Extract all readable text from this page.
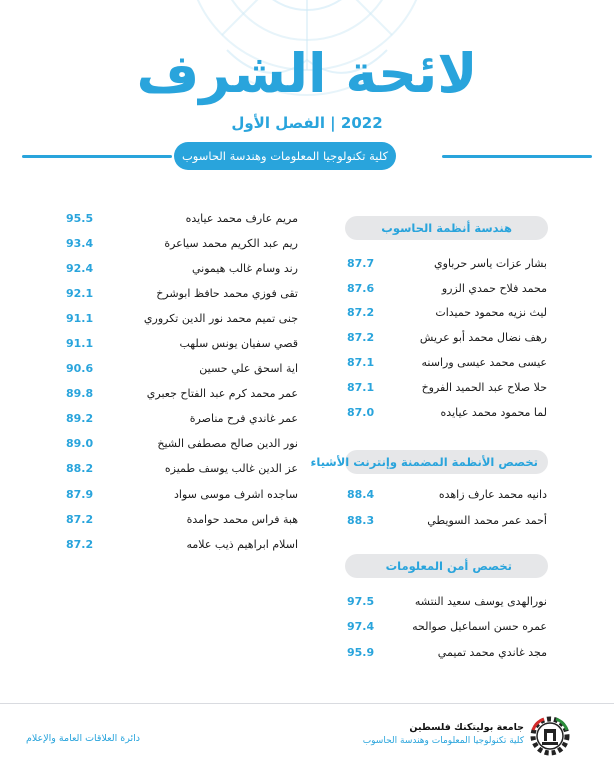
لائحة الشرف
2022 | الفصل الأول
كلية تكنولوجيا المعلومات وهندسة الحاسوب
هندسة أنظمة الحاسوب
بشار عزات ياسر حرباوي
87.7
محمد فلاح حمدي الزرو
87.6
ليث نزيه محمود حميدات
87.2
رهف نضال محمد أبو عريش
87.2
عيسى محمد عيسى وراسنه
87.1
حلا صلاح عبد الحميد الفروخ
87.1
لما محمود محمد عيايده
87.0
تخصص الأنظمة المضمنة وإنترنت الأشياء
دانيه محمد عارف زاهده
88.4
أحمد عمر محمد السويطي
88.3
تخصص أمن المعلومات
نورالهدى يوسف سعيد النتشه
97.5
عمره حسن اسماعيل صوالحه
97.4
مجد غاندي محمد تميمي
95.9
مريم عارف محمد عيايده
95.5
ريم عبد الكريم محمد سياعرة
93.4
رند وسام غالب هيموني
92.4
تقى فوزي محمد حافظ ابوشرخ
92.1
جنى تميم محمد نور الدين تكروري
91.1
قصي سفيان يونس سلهب
91.1
اية اسحق علي حسين
90.6
عمر محمد كرم عبد الفتاح جعبري
89.8
عمر غاندي فرح مناصرة
89.2
نور الدين صالح مصطفى الشيخ
89.0
عز الدين غالب يوسف طميزه
88.2
ساجده اشرف موسى سواد
87.9
هبة فراس محمد حوامدة
87.2
اسلام ابراهيم ذيب علامه
87.2
دائرة العلاقات العامة والإعلام
جامعة بوليتكنك فلسطين
كلية تكنولوجيا المعلومات وهندسة الحاسوب
